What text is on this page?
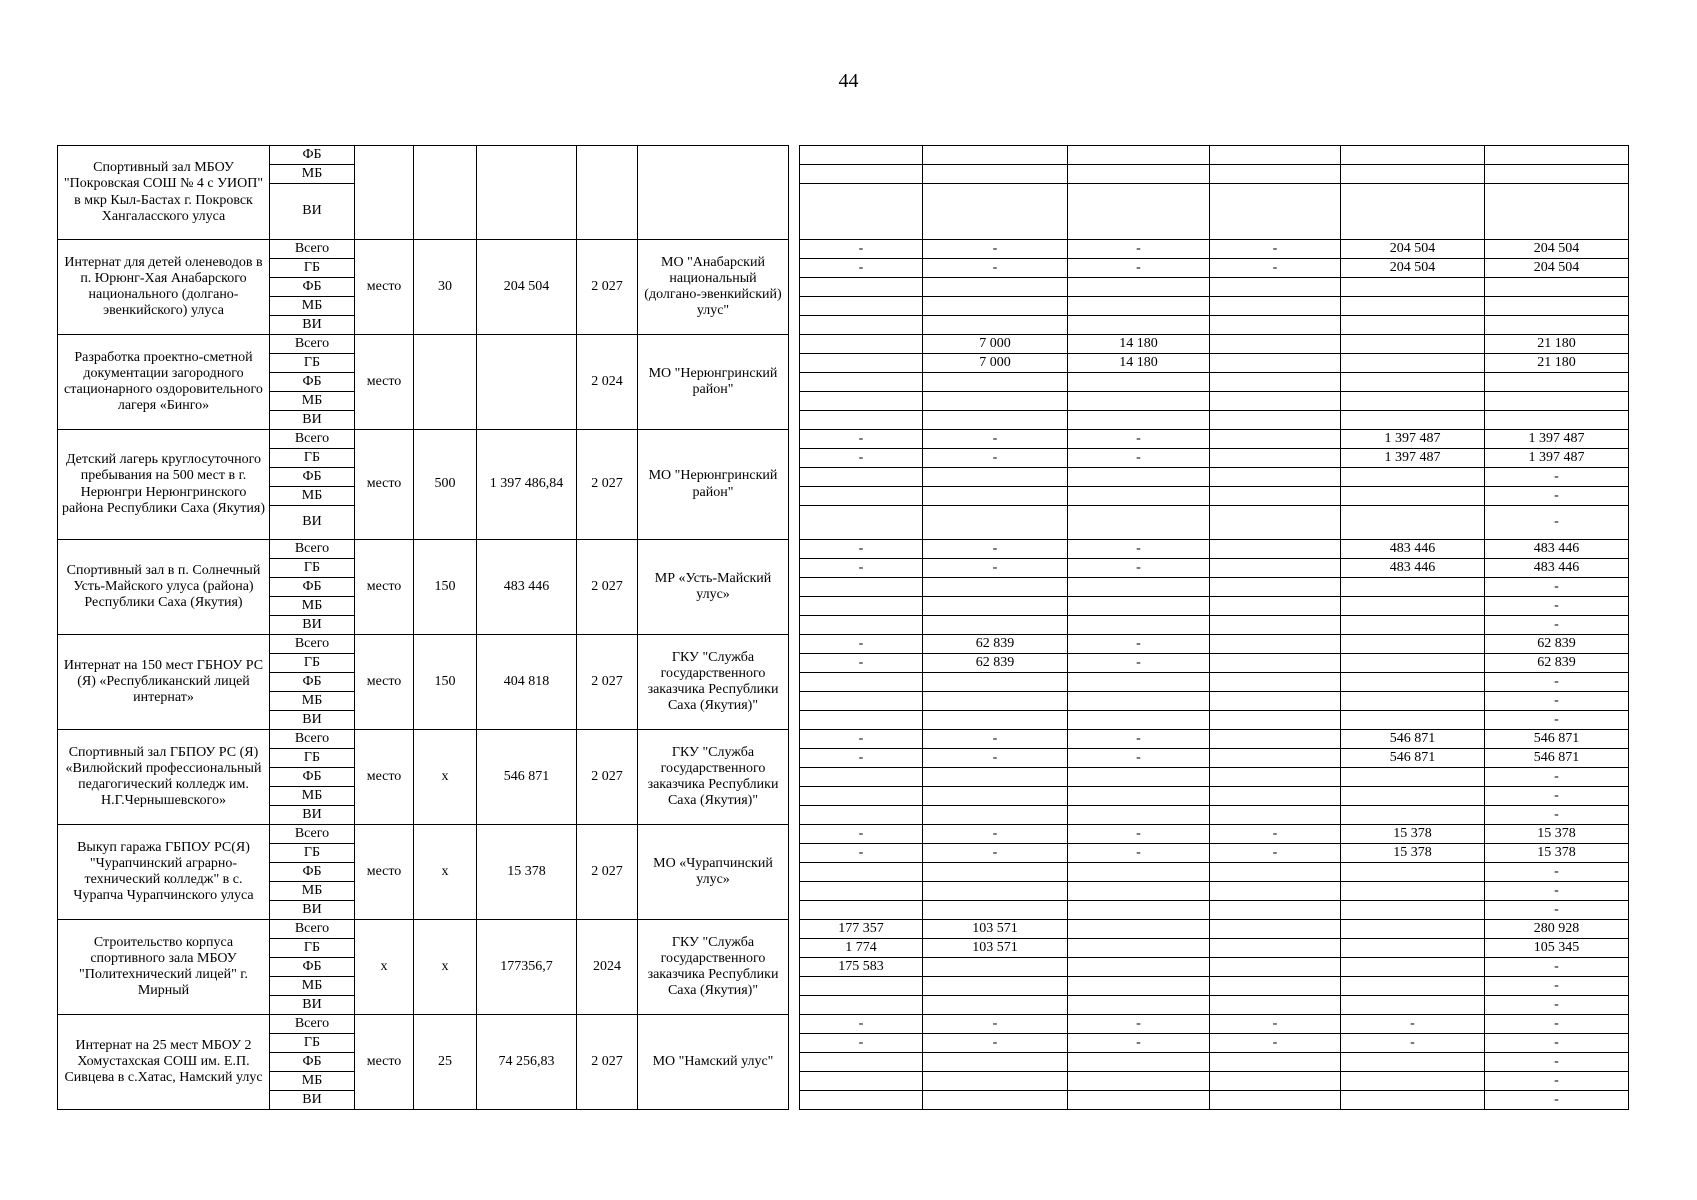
44
Спортивный зал МБОУ "Покровская СОШ № 4 с УИОП" в мкр Кыл-Бастах г. Покровск Хангаласского улуса	ФБ												
	МБ												
	ВИ												
Интернат для детей оленеводов в п. Юрюнг-Хая Анабарского национального (долгано-эвенкийского) улуса	Всего	место	30	204 504	2 027	МО "Анабарский национальный (долгано-эвенкийский) улус"		-	-	-	-	204 504	204 504
	ГБ							-	-	-	-	204 504	204 504
	ФБ												
	МБ												
	ВИ												
Разработка проектно-сметной документации загородного стационарного оздоровительного лагеря «Бинго»	Всего	место			2 024	МО "Нерюнгринский район"			7 000	14 180			21 180
	ГБ								7 000	14 180			21 180
	ФБ												
	МБ												
	ВИ												
Детский лагерь круглосуточного пребывания на 500 мест в г. Нерюнгри Нерюнгринского района Республики Саха (Якутия)	Всего	место	500	1 397 486,84	2 027	МО "Нерюнгринский район"		-	-	-		1 397 487	1 397 487
	ГБ							-	-	-		1 397 487	1 397 487
	ФБ												-
	МБ												-
	ВИ												-
Спортивный зал в п. Солнечный Усть-Майского улуса (района) Республики Саха (Якутия)	Всего	место	150	483 446	2 027	МР «Усть-Майский улус»		-	-	-		483 446	483 446
	ГБ							-	-	-		483 446	483 446
	ФБ												-
	МБ												-
	ВИ												-
Интернат на 150 мест ГБНОУ РС (Я) «Республиканский лицей интернат»	Всего	место	150	404 818	2 027	ГКУ "Служба государственного заказчика Республики Саха (Якутия)"		-	62 839	-			62 839
	ГБ							-	62 839	-			62 839
	ФБ												-
	МБ												-
	ВИ												-
Спортивный зал ГБПОУ РС (Я) «Вилюйский профессиональный педагогический колледж им. Н.Г.Чернышевского»	Всего	место	х	546 871	2 027	ГКУ "Служба государственного заказчика Республики Саха (Якутия)"		-	-	-		546 871	546 871
	ГБ							-	-	-		546 871	546 871
	ФБ												-
	МБ												-
	ВИ												-
Выкуп гаража ГБПОУ РС(Я) "Чурапчинский аграрно-технический колледж" в с. Чурапча Чурапчинского улуса	Всего	место	х	15 378	2 027	МО «Чурапчинский улус»		-	-	-	-	15 378	15 378
	ГБ							-	-	-	-	15 378	15 378
	ФБ												-
	МБ												-
	ВИ												-
Строительство корпуса спортивного зала МБОУ "Политехнический лицей" г. Мирный	Всего	х	х	177356,7	2024	ГКУ "Служба государственного заказчика Республики Саха (Якутия)"		177 357	103 571				280 928
	ГБ							1 774	103 571				105 345
	ФБ							175 583					-
	МБ												-
	ВИ												-
Интернат на 25 мест МБОУ 2 Хомустахская СОШ им. Е.П. Сивцева в с.Хатас, Намский улус	Всего	место	25	74 256,83	2 027	МО "Намский улус"		-	-	-	-	-	-
	ГБ							-	-	-	-	-	-
	ФБ												-
	МБ												-
	ВИ												-
